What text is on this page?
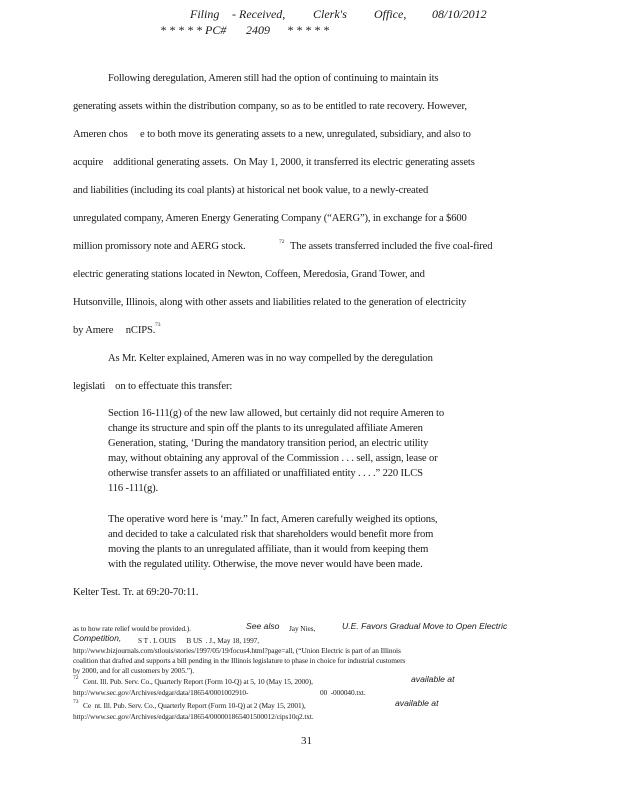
Filing - Received, Clerk's Office, 08/10/2012
* * * * * PC# 2409 * * * * *
Following deregulation, Ameren still had the option of continuing to maintain its
generating assets within the distribution company, so as to be entitled to rate recovery. However,
Ameren chos     e to both move its generating assets to a new, unregulated, subsidiary, and also to
acquire    additional generating assets.  On May 1, 2000, it transferred its electric generating assets
and liabilities (including its coal plants) at historical net book value, to a newly-created
unregulated company, Ameren Energy Generating Company (“AERG”), in exchange for a $600
million promissory note and AERG stock.	72 The assets transferred included the five coal-fired
electric generating stations located in Newton, Coffeen, Meredosia, Grand Tower, and
Hutsonville, Illinois, along with other assets and liabilities related to the generation of electricity
by Amere     nCIPS. 73
As Mr. Kelter explained, Ameren was in no way compelled by the deregulation
legislati    on to effectuate this transfer:
Section 16-111(g) of the new law allowed, but certainly did not require Ameren to
change its structure and spin off the plants to its unregulated affiliate Ameren
Generation, stating, ‘During the mandatory transition period, an electric utility
may, without obtaining any approval of the Commission . . . sell, assign, lease or
otherwise transfer assets to an affiliated or unaffiliated entity . . . .” 220 ILCS
116 -111(g).
The operative word here is ‘may.” In fact, Ameren carefully weighed its options,
and decided to take a calculated risk that shareholders would benefit more from
moving the plants to an unregulated affiliate, than it would from keeping them
with the regulated utility. Otherwise, the move never would have been made.
Kelter Test. Tr. at 69:20-70:11.
as to how rate relief would be provided.).	See also Jay Nies,	U.E. Favors Gradual Move to Open Electric
Competition, S T . L OUIS      B US  . J., May 18, 1997,
http://www.bizjournals.com/stlouis/stories/1997/05/19/focus4.html?page=all, (“Union Electric is part of an Illinois
coalition that drafted and supports a bill pending in the Illinois legislature to phase in choice for industrial customers
by 2000, and for all customers by 2005.”).
72 Cent. Ill. Pub. Serv. Co., Quarterly Report (Form 10-Q) at 5, 10 (May 15, 2000),	available at
http://www.sec.gov/Archives/edgar/data/18654/0001002910-	00  -000040.txt.
73 Ce  nt. Ill. Pub. Serv. Co., Quarterly Report (Form 10-Q) at 2 (May 15, 2001),	available at
http://www.sec.gov/Archives/edgar/data/18654/000001865401500012/cips10q2.txt.
31
